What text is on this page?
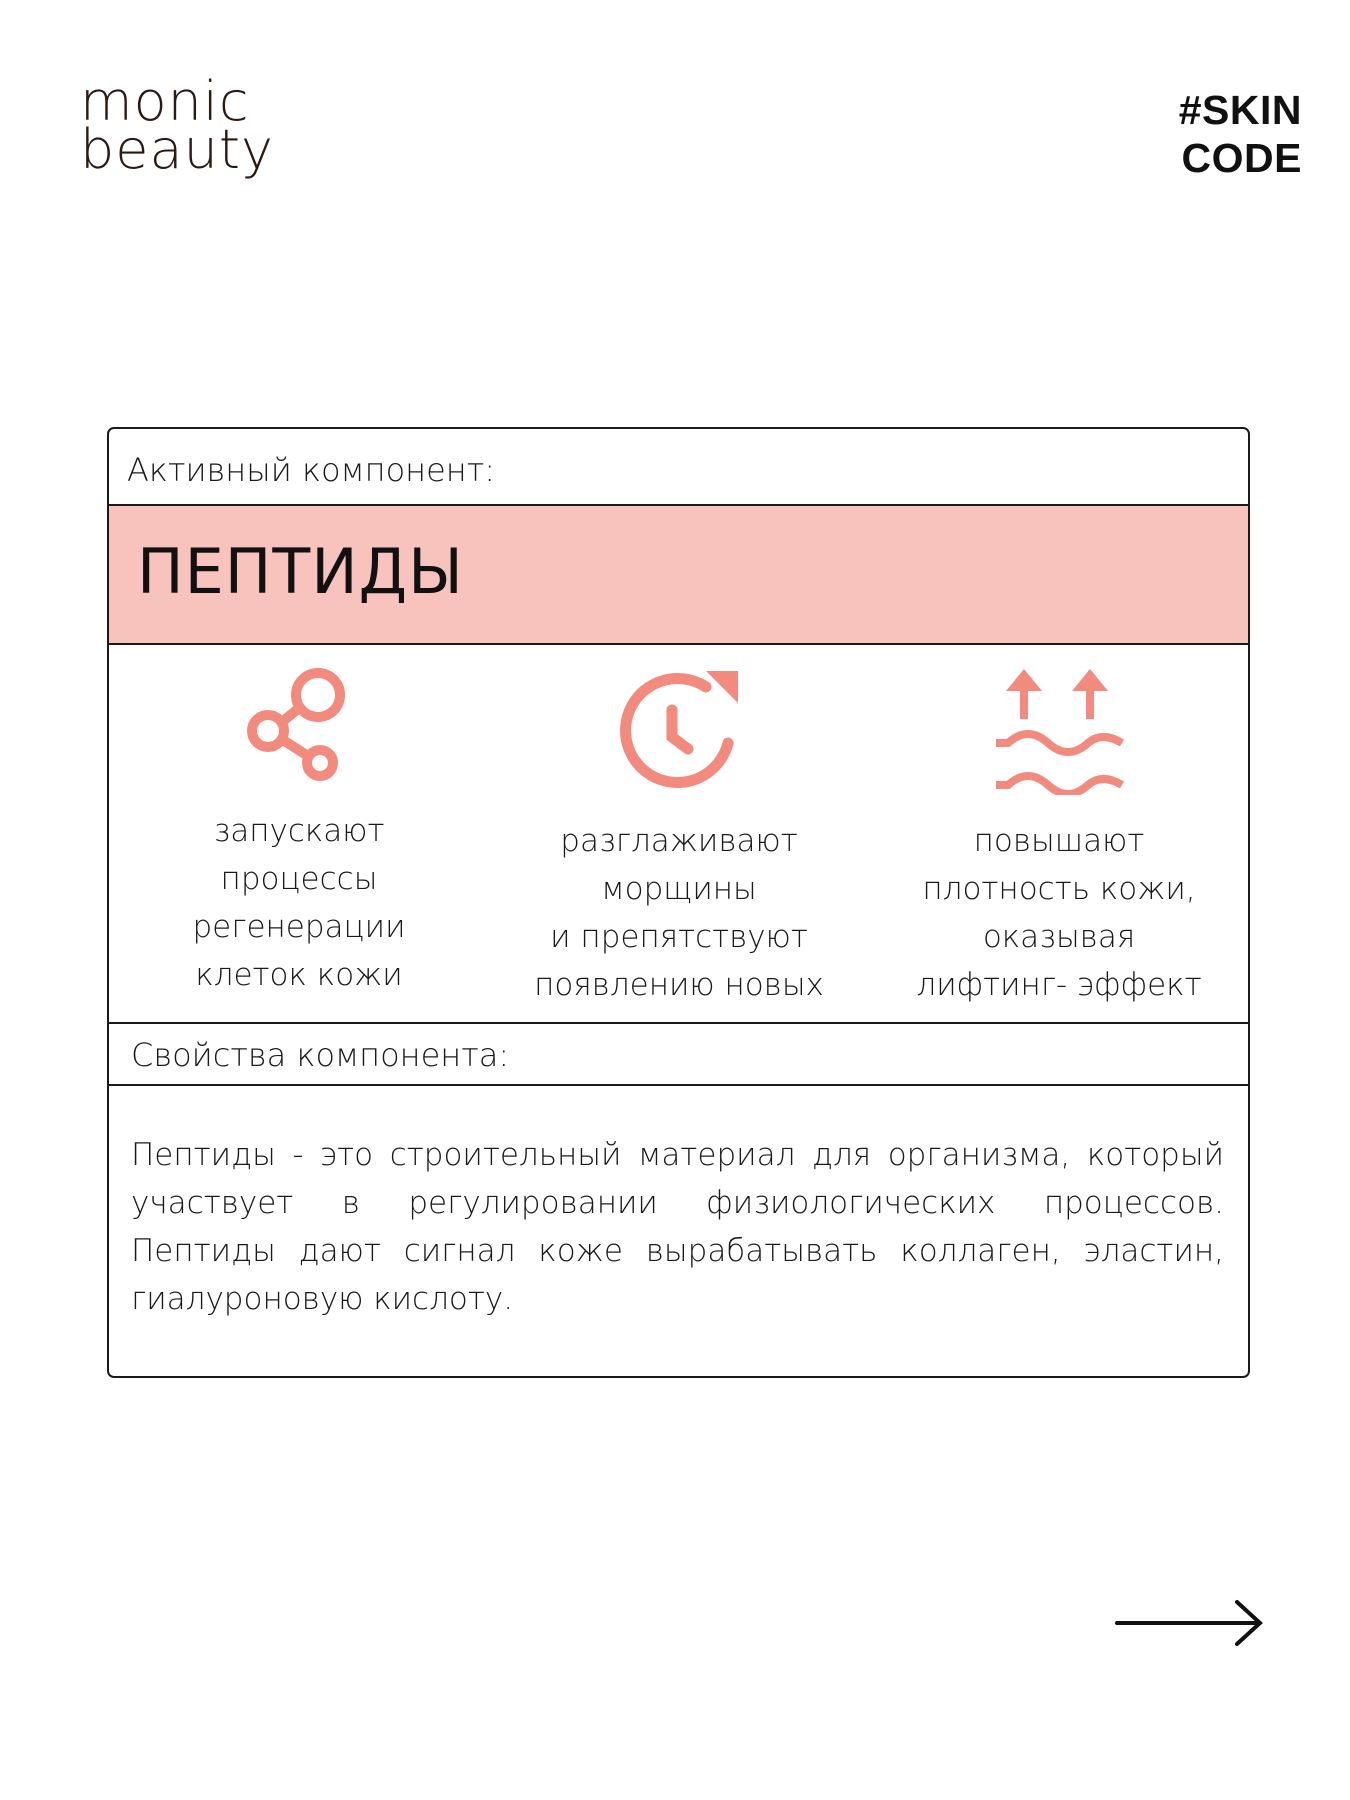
monic
beauty
#SKIN
CODE
Активный компонент:
ПЕПТИДЫ
запускают
процессы
регенерации
клеток кожи
разглаживают
морщины
и препятствуют
появлению новых
повышают
плотность кожи,
оказывая
лифтинг- эффект
Свойства компонента:
Пептиды - это строительный материал для организма, который участвует в регулировании физиологических процессов. Пептиды дают сигнал коже вырабатывать коллаген, эластин, гиалуроновую кислоту.
